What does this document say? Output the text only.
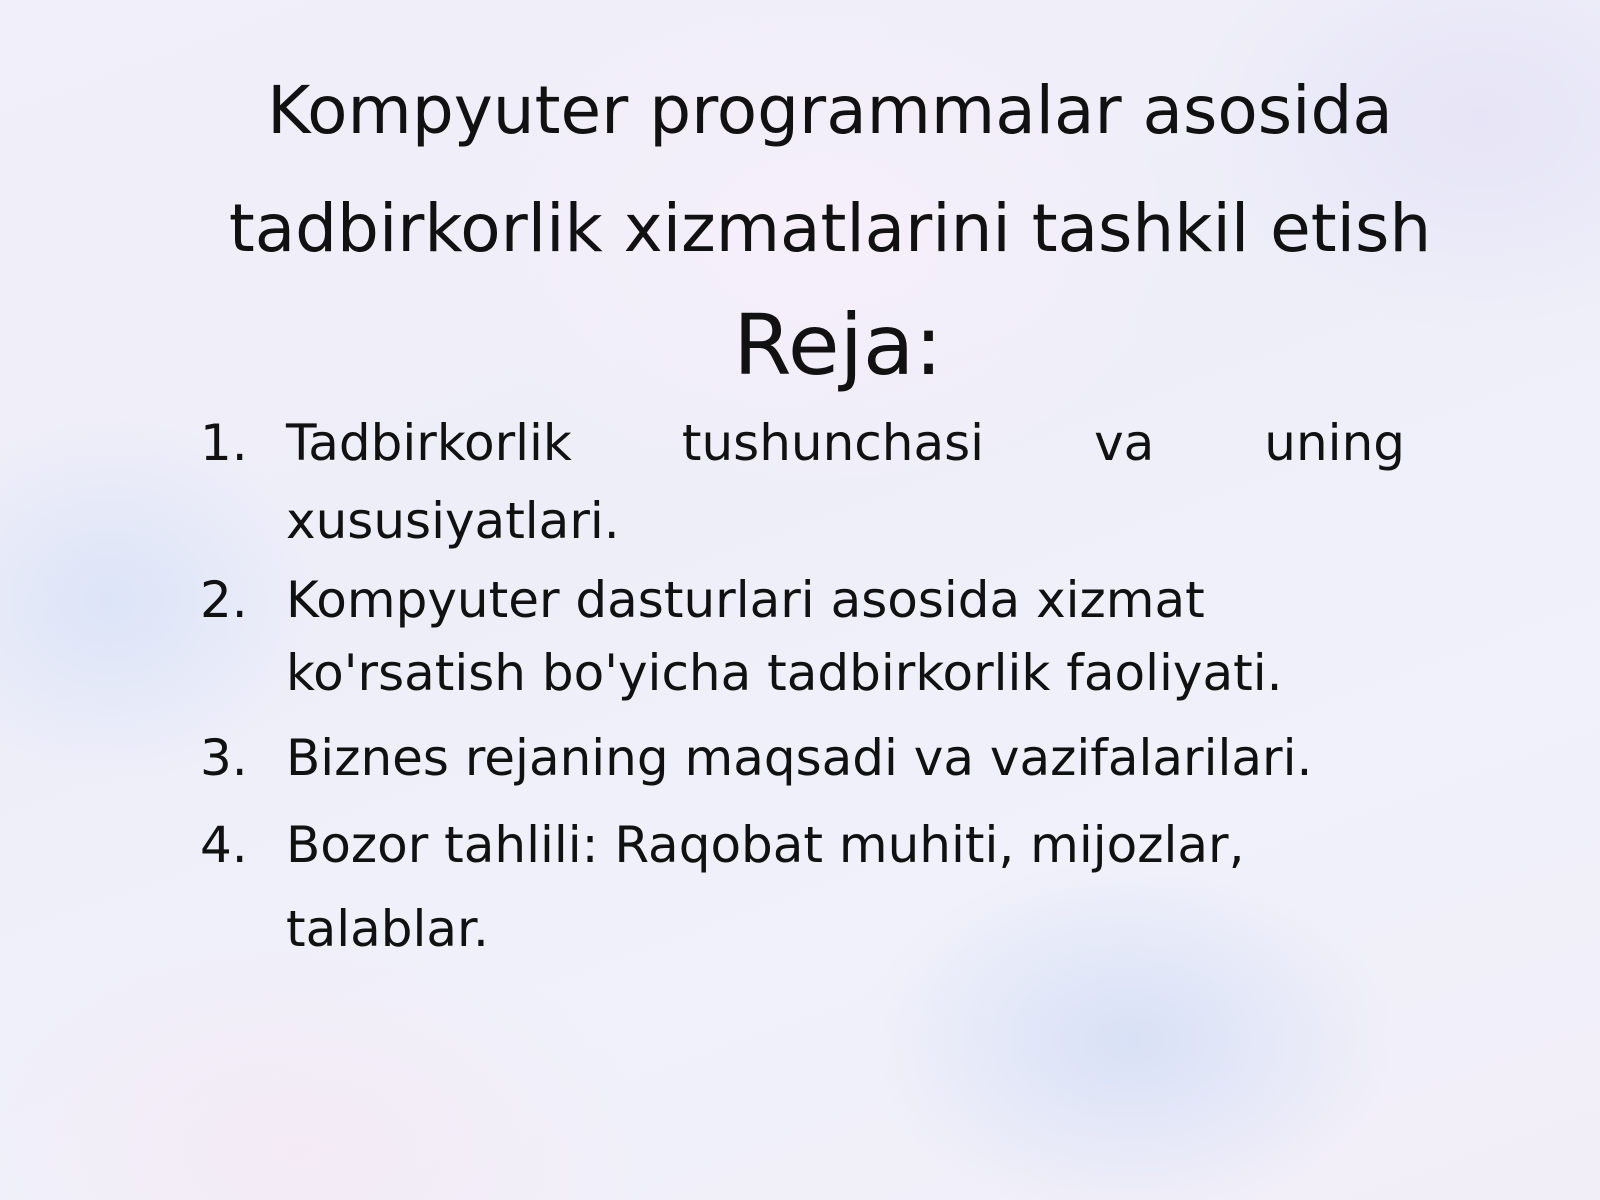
Kompyuter programmalar asosida
tadbirkorlik xizmatlarini tashkil etish
Reja:
1. Tadbirkorlik tushunchasi va uning xususiyatlari.
2. Kompyuter dasturlari asosida xizmat ko'rsatish bo'yicha tadbirkorlik faoliyati.
3. Biznes rejaning maqsadi va vazifalarilari.
4. Bozor tahlili: Raqobat muhiti, mijozlar, talablar.
